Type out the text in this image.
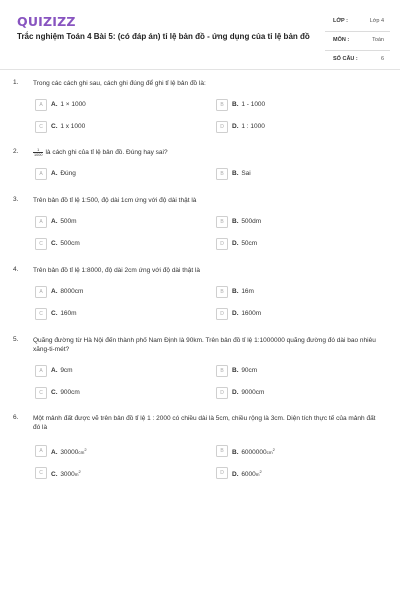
QUIZIZZ
Trắc nghiệm Toán 4 Bài 5: (có đáp án) tỉ lệ bản đồ - ứng dụng của tỉ lệ bản đồ
LỚP :	Lớp 4
MÔN :	Toán
SỐ CÂU :	6
1. Trong các cách ghi sau, cách ghi đúng để ghi tỉ lệ bản đồ là:
A	A. 1 × 1000	B	B. 1 - 1000
C	C. 1 x 1000	D	D. 1 : 1000
2.	$\frac{1}{1000}$ là cách ghi của tỉ lệ bản đồ. Đúng hay sai?
A	A. Đúng	B	B. Sai
3. Trên bản đồ tỉ lệ 1:500, độ dài 1cm ứng với độ dài thật là
A	A. 500m	B	B. 500dm
C	C. 500cm	D	D. 50cm
4. Trên bản đồ tỉ lệ 1:8000, độ dài 2cm ứng với độ dài thật là
A	A. 8000cm	B	B. 16m
C	C. 160m	D	D. 1600m
5. Quãng đường từ Hà Nội đến thành phố Nam Định là 90km. Trên bản đồ tỉ lệ 1:1000000 quãng đường đó dài bao nhiêu xăng-ti-mét?
A	A. 9cm	B	B. 90cm
C	C. 900cm	D	D. 9000cm
6. Một mảnh đất được vẽ trên bản đồ tỉ lệ 1 : 2000 có chiều dài là 5cm, chiều rộng là 3cm. Diện tích thực tế của mảnh đất đó là
A	A. $30000cm^2$	B	B. $6000000cm^2$
C	C. $3000m^2$	D	D. $6000m^2$
